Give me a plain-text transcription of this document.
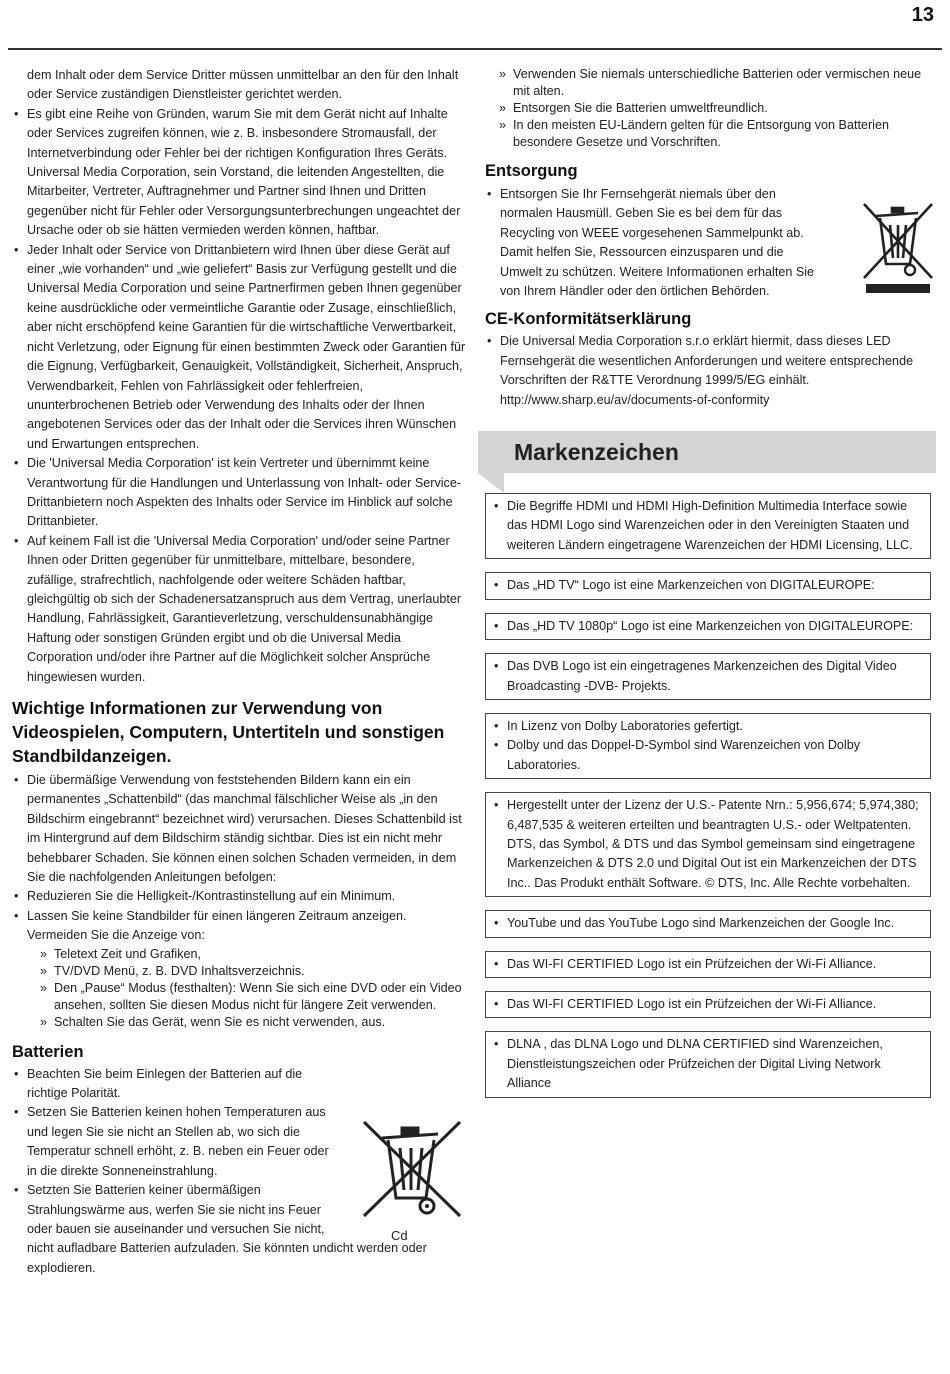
13
dem Inhalt oder dem Service Dritter müssen unmittelbar an den für den Inhalt oder Service zuständigen Dienstleister gerichtet werden.
• Es gibt eine Reihe von Gründen, warum Sie mit dem Gerät nicht auf Inhalte oder Services zugreifen können, wie z. B. insbesondere Stromausfall, der Internetverbindung oder Fehler bei der richtigen Konfiguration Ihres Geräts. Universal Media Corporation, sein Vorstand, die leitenden Angestellten, die Mitarbeiter, Vertreter, Auftragnehmer und Partner sind Ihnen und Dritten gegenüber nicht für Fehler oder Versorgungsunterbrechungen ungeachtet der Ursache oder ob sie hätten vermieden werden können, haftbar.
• Jeder Inhalt oder Service von Drittanbietern wird Ihnen über diese Gerät auf einer „wie vorhanden“ und „wie geliefert“ Basis zur Verfügung gestellt und die Universal Media Corporation und seine Partnerfirmen geben Ihnen gegenüber keine ausdrückliche oder vermeintliche Garantie oder Zusage, einschließlich, aber nicht erschöpfend keine Garantien für die wirtschaftliche Verwertbarkeit, nicht Verletzung, oder Eignung für einen bestimmten Zweck oder Garantien für die Eignung, Verfügbarkeit, Genauigkeit, Vollständigkeit, Sicherheit, Anspruch, Verwendbarkeit, Fehlen von Fahrlässigkeit oder fehlerfreien, ununterbrochenen Betrieb oder Verwendung des Inhalts oder der Ihnen angebotenen Services oder das der Inhalt oder die Services ihren Wünschen und Erwartungen entsprechen.
• Die 'Universal Media Corporation' ist kein Vertreter und übernimmt keine Verantwortung für die Handlungen und Unterlassung von Inhalt- oder Service-Drittanbietern noch Aspekten des Inhalts oder Service im Hinblick auf solche Drittanbieter.
• Auf keinem Fall ist die 'Universal Media Corporation' und/oder seine Partner Ihnen oder Dritten gegenüber für unmittelbare, mittelbare, besondere, zufällige, strafrechtlich, nachfolgende oder weitere Schäden haftbar, gleichgültig ob sich der Schadenersatzanspruch aus dem Vertrag, unerlaubter Handlung, Fahrlässigkeit, Garantieverletzung, verschuldensunabhängige Haftung oder sonstigen Gründen ergibt und ob die Universal Media Corporation und/oder ihre Partner auf die Möglichkeit solcher Ansprüche hingewiesen wurden.
Wichtige Informationen zur Verwendung von Videospielen, Computern, Untertiteln und sonstigen Standbildanzeigen.
• Die übermäßige Verwendung von feststehenden Bildern kann ein ein permanentes „Schattenbild“ (das manchmal fälschlicher Weise als „in den Bildschirm eingebrannt“ bezeichnet wird) verursachen. Dieses Schattenbild ist im Hintergrund auf dem Bildschirm ständig sichtbar. Dies ist ein nicht mehr behebbarer Schaden. Sie können einen solchen Schaden vermeiden, in dem Sie die nachfolgenden Anleitungen befolgen:
• Reduzieren Sie die Helligkeit-/Kontrastinstellung auf ein Minimum.
• Lassen Sie keine Standbilder für einen längeren Zeitraum anzeigen. Vermeiden Sie die Anzeige von:
» Teletext Zeit und Grafiken,
» TV/DVD Menü, z. B. DVD Inhaltsverzeichnis.
» Den „Pause“ Modus (festhalten): Wenn Sie sich eine DVD oder ein Video ansehen, sollten Sie diesen Modus nicht für längere Zeit verwenden.
» Schalten Sie das Gerät, wenn Sie es nicht verwenden, aus.
Batterien
• Beachten Sie beim Einlegen der Batterien auf die richtige Polarität.
• Setzen Sie Batterien keinen hohen Temperaturen aus und legen Sie sie nicht an Stellen ab, wo sich die Temperatur schnell erhöht, z. B. neben ein Feuer oder in die direkte Sonneneinstrahlung.
• Setzten Sie Batterien keiner übermäßigen Strahlungswärme aus, werfen Sie sie nicht ins Feuer oder bauen sie auseinander und versuchen Sie nicht,
nicht aufladbare Batterien aufzuladen. Sie könnten undicht werden oder explodieren.
Cd
» Verwenden Sie niemals unterschiedliche Batterien oder vermischen neue mit alten.
» Entsorgen Sie die Batterien umweltfreundlich.
» In den meisten EU-Ländern gelten für die Entsorgung von Batterien besondere Gesetze und Vorschriften.
Entsorgung
• Entsorgen Sie Ihr Fernsehgerät niemals über den normalen Hausmüll. Geben Sie es bei dem für das Recycling von WEEE vorgesehenen Sammelpunkt ab. Damit helfen Sie, Ressourcen einzusparen und die Umwelt zu schützen. Weitere Informationen erhalten Sie von Ihrem Händler oder den örtlichen Behörden.
CE-Konformitätserklärung
• Die Universal Media Corporation s.r.o erklärt hiermit, dass dieses LED Fernsehgerät die wesentlichen Anforderungen und weitere entsprechende Vorschriften der R&TTE Verordnung 1999/5/EG einhält. http://www.sharp.eu/av/documents-of-conformity
Markenzeichen
• Die Begriffe HDMI und HDMI High-Definition Multimedia Interface sowie das HDMI Logo sind Warenzeichen oder in den Vereinigten Staaten und weiteren Ländern eingetragene Warenzeichen der HDMI Licensing, LLC.
• Das „HD TV“ Logo ist eine Markenzeichen von DIGITALEUROPE:
• Das „HD TV 1080p“ Logo ist eine Markenzeichen von DIGITALEUROPE:
• Das DVB Logo ist ein eingetragenes Markenzeichen des Digital Video Broadcasting -DVB- Projekts.
• In Lizenz von Dolby Laboratories gefertigt.
• Dolby und das Doppel-D-Symbol sind Warenzeichen von Dolby Laboratories.
• Hergestellt unter der Lizenz der U.S.- Patente Nrn.: 5,956,674; 5,974,380; 6,487,535 & weiteren erteilten und beantragten U.S.- oder Weltpatenten. DTS, das Symbol, & DTS und das Symbol gemeinsam sind eingetragene Markenzeichen & DTS 2.0 und Digital Out ist ein Markenzeichen der DTS Inc.. Das Produkt enthält Software. © DTS, Inc. Alle Rechte vorbehalten.
• YouTube und das YouTube Logo sind Markenzeichen der Google Inc.
• Das WI-FI CERTIFIED Logo ist ein Prüfzeichen der Wi-Fi Alliance.
• Das WI-FI CERTIFIED Logo ist ein Prüfzeichen der Wi-Fi Alliance.
• DLNA , das DLNA Logo und DLNA CERTIFIED sind Warenzeichen, Dienstleistungszeichen oder Prüfzeichen der Digital Living Network Alliance
